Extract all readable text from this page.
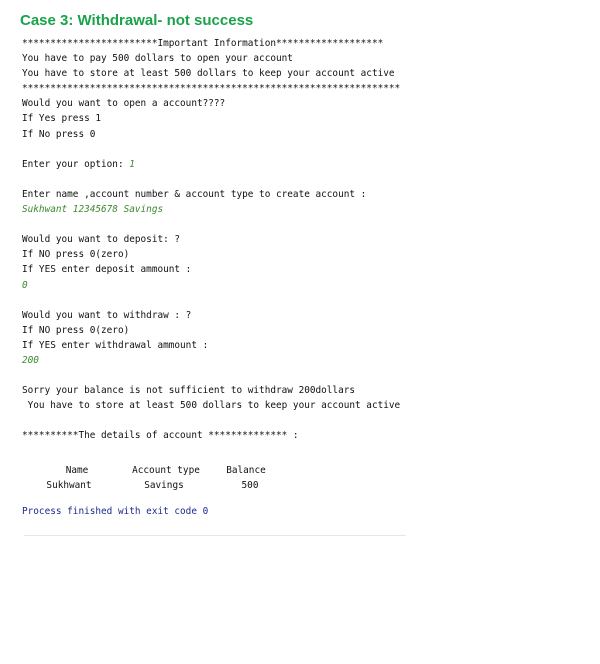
Case 3: Withdrawal- not success
************************Important Information*******************
You have to pay 500 dollars to open your account
You have to store at least 500 dollars to keep your account active
*******************************************************************
Would you want to open a account????
If Yes press 1
If No press 0
Enter your option: 1
Enter name ,account number & account type to create account :
Sukhwant 12345678 Savings
Would you want to deposit: ?
If NO press 0(zero)
If YES enter deposit ammount :
0
Would you want to withdraw : ?
If NO press 0(zero)
If YES enter withdrawal ammount :
200
Sorry your balance is not sufficient to withdraw 200dollars
You have to store at least 500 dollars to keep your account active
**********The details of account ************** :
Name	Account type	Balance
Sukhwant	Savings	500
Process finished with exit code 0
